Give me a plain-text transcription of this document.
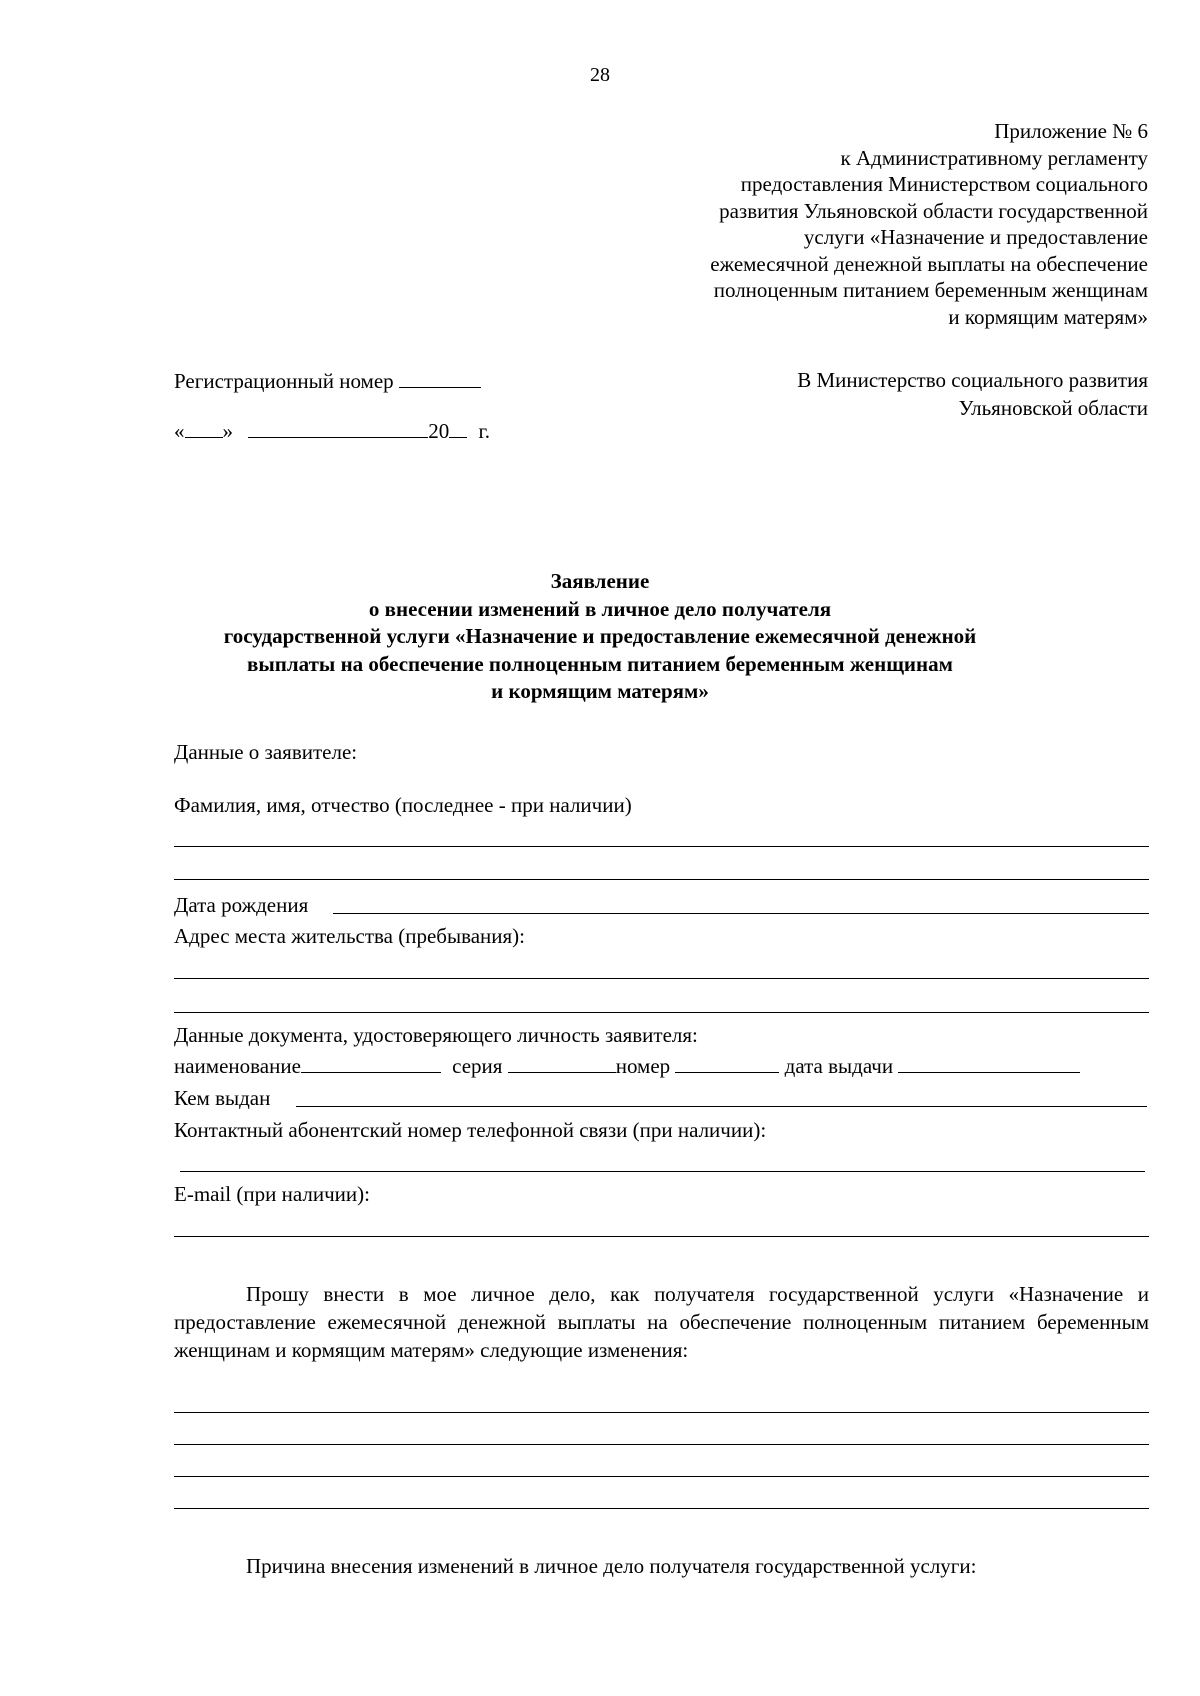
28
Приложение № 6
к Административному регламенту
предоставления Министерством социального
развития Ульяновской области государственной
услуги «Назначение и предоставление
ежемесячной денежной выплаты на обеспечение
полноценным питанием беременным женщинам
и кормящим матерям»
Регистрационный номер
« »	20 г.
В Министерство социального развития
Ульяновской области
Заявление
о внесении изменений в личное дело получателя
государственной услуги «Назначение и предоставление ежемесячной денежной
выплаты на обеспечение полноценным питанием беременным женщинам
и кормящим матерям»
Данные о заявителе:
Фамилия, имя, отчество (последнее - при наличии)
Дата рождения
Адрес места жительства (пребывания):
Данные документа, удостоверяющего личность заявителя:
наименование	серия	номер	дата выдачи
Кем выдан
Контактный абонентский номер телефонной связи (при наличии):
E-mail (при наличии):
Прошу внести в мое личное дело, как получателя государственной услуги «Назначение и предоставление ежемесячной денежной выплаты на обеспечение полноценным питанием беременным женщинам и кормящим матерям» следующие изменения:
Причина внесения изменений в личное дело получателя государственной услуги:
